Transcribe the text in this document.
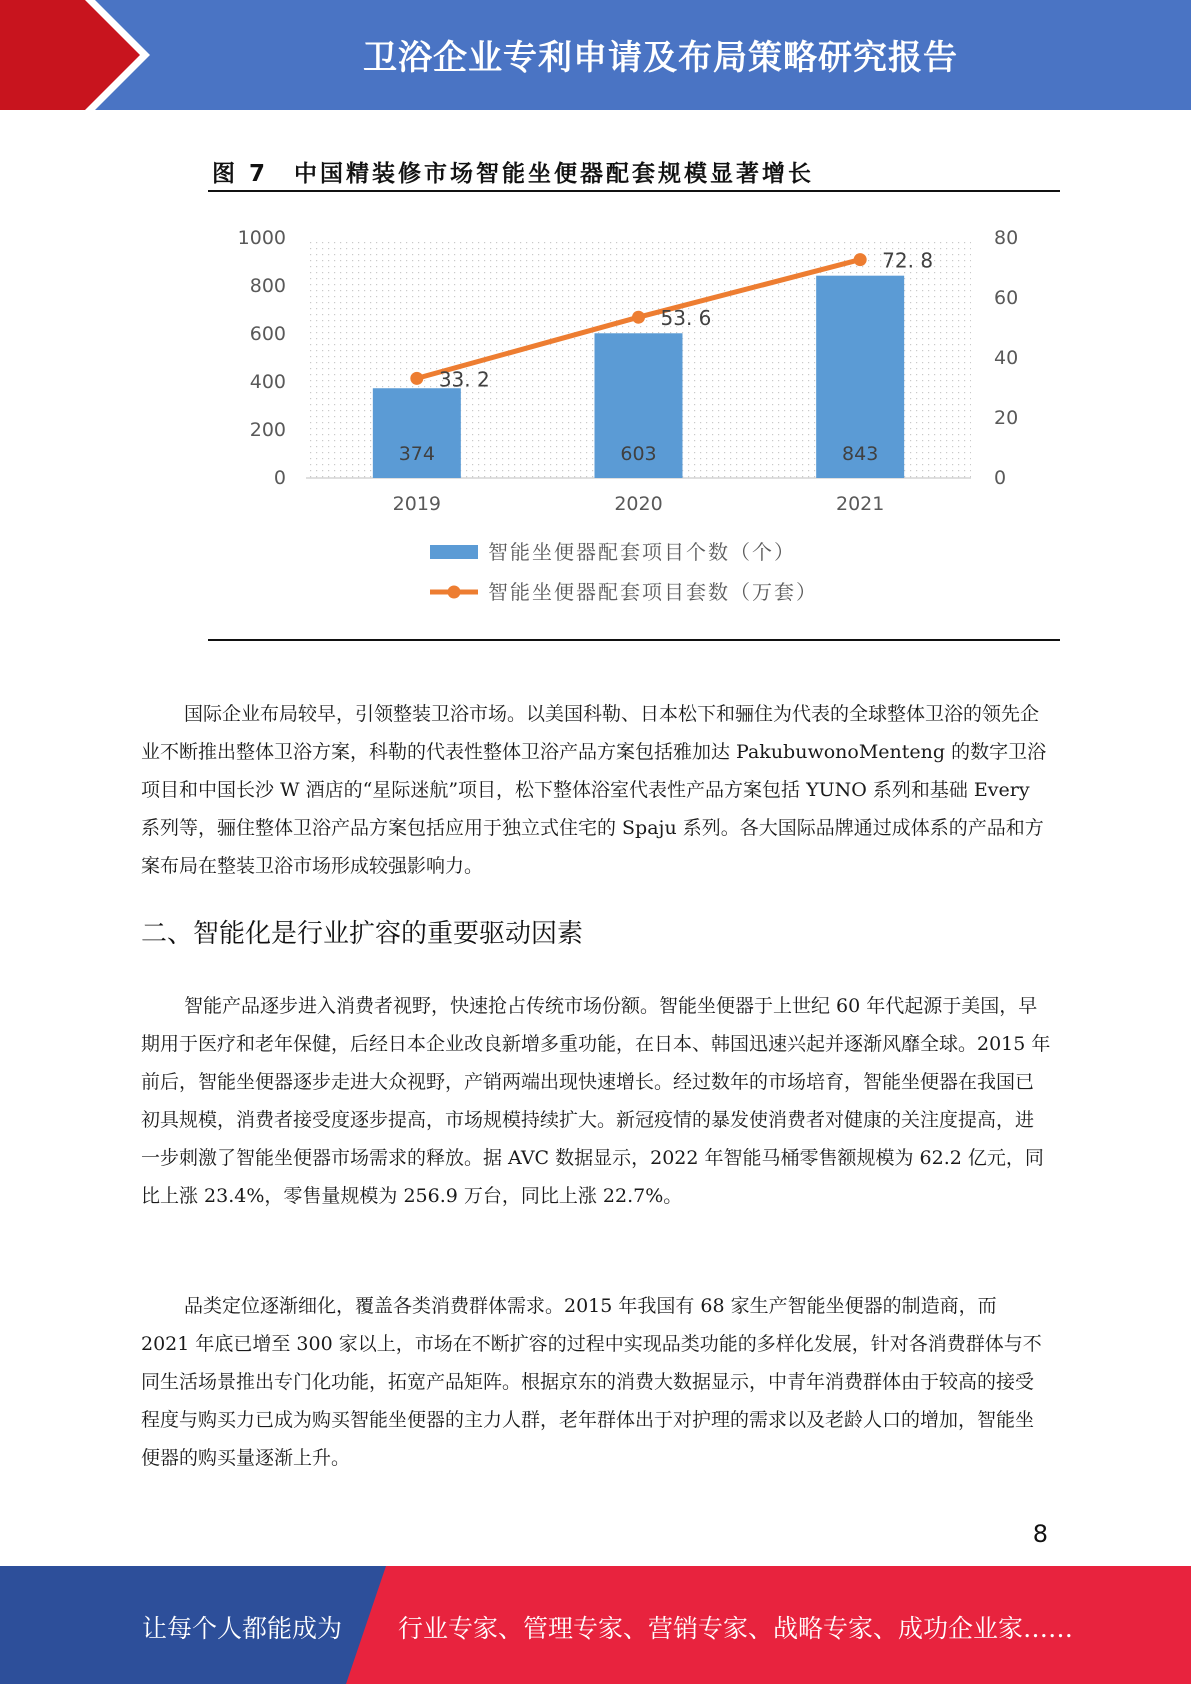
卫浴企业专利申请及布局策略研究报告
图 7　中国精装修市场智能坐便器配套规模显著增长
0
200
400
600
800
1000
0
20
40
60
80
374	603	843
2019	2020	2021
33. 2
53. 6
72. 8
智能坐便器配套项目个数（个）
智能坐便器配套项目套数（万套）

国际企业布局较早，引领整装卫浴市场。以美国科勒、日本松下和骊住为代表的全球整体卫浴的领先企业不断推出整体卫浴方案，科勒的代表性整体卫浴产品方案包括雅加达 PakubuwonoMenteng 的数字卫浴项目和中国长沙 W 酒店的“星际迷航”项目，松下整体浴室代表性产品方案包括 YUNO 系列和基础 Every 系列等，骊住整体卫浴产品方案包括应用于独立式住宅的 Spaju 系列。各大国际品牌通过成体系的产品和方案布局在整装卫浴市场形成较强影响力。

二、智能化是行业扩容的重要驱动因素

智能产品逐步进入消费者视野，快速抢占传统市场份额。智能坐便器于上世纪 60 年代起源于美国，早期用于医疗和老年保健，后经日本企业改良新增多重功能，在日本、韩国迅速兴起并逐渐风靡全球。2015 年前后，智能坐便器逐步走进大众视野，产销两端出现快速增长。经过数年的市场培育，智能坐便器在我国已初具规模，消费者接受度逐步提高，市场规模持续扩大。新冠疫情的暴发使消费者对健康的关注度提高，进一步刺激了智能坐便器市场需求的释放。据 AVC 数据显示，2022 年智能马桶零售额规模为 62.2 亿元，同比上涨 23.4%，零售量规模为 256.9 万台，同比上涨 22.7%。

品类定位逐渐细化，覆盖各类消费群体需求。2015 年我国有 68 家生产智能坐便器的制造商，而 2021 年底已增至 300 家以上，市场在不断扩容的过程中实现品类功能的多样化发展，针对各消费群体与不同生活场景推出专门化功能，拓宽产品矩阵。根据京东的消费大数据显示，中青年消费群体由于较高的接受程度与购买力已成为购买智能坐便器的主力人群，老年群体出于对护理的需求以及老龄人口的增加，智能坐便器的购买量逐渐上升。

8
让每个人都能成为 行业专家、管理专家、营销专家、战略专家、成功企业家……
